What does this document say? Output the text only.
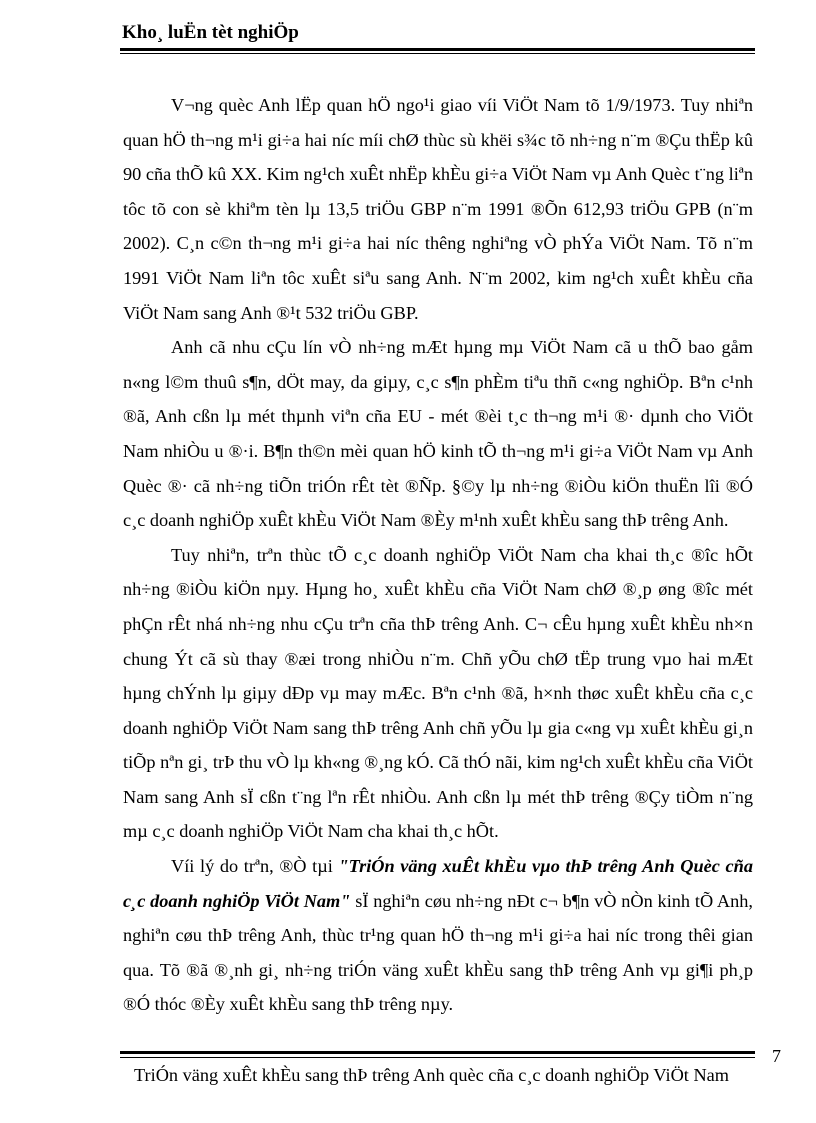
Kho¸ luËn tèt nghiÖp

V¬ng quèc Anh lËp quan hÖ ngo¹i giao víi ViÖt Nam tõ 1/9/1973. Tuy nhiªn quan hÖ th¬ng m¹i gi÷a hai níc míi chØ thùc sù khëi s¾c tõ nh÷ng n¨m ®Çu thËp kû 90 cña thÕ kû XX. Kim ng¹ch xuÊt nhËp khÈu gi÷a ViÖt Nam vµ Anh Quèc t¨ng liªn tôc tõ con sè khiªm tèn lµ 13,5 triÖu GBP n¨m 1991 ®Õn 612,93 triÖu GPB (n¨m 2002). C¸n c©n th¬ng m¹i gi÷a hai níc thêng nghiªng vÒ phÝa ViÖt Nam. Tõ n¨m 1991 ViÖt Nam liªn tôc xuÊt siªu sang Anh. N¨m 2002, kim ng¹ch xuÊt khÈu cña ViÖt Nam sang Anh ®¹t 532 triÖu GBP.

Anh cã nhu cÇu lín vÒ nh÷ng mÆt hµng mµ ViÖt Nam cã u thÕ bao gåm n«ng l©m thuû s¶n, dÖt may, da giµy, c¸c s¶n phÈm tiªu thñ c«ng nghiÖp. Bªn c¹nh ®ã, Anh cßn lµ mét thµnh viªn cña EU - mét ®èi t¸c th¬ng m¹i ®· dµnh cho ViÖt Nam nhiÒu u ®·i. B¶n th©n mèi quan hÖ kinh tÕ th¬ng m¹i gi÷a ViÖt Nam vµ Anh Quèc ®· cã nh÷ng tiÕn triÓn rÊt tèt ®Ñp. §©y lµ nh÷ng ®iÒu kiÖn thuËn lîi ®Ó c¸c doanh nghiÖp xuÊt khÈu ViÖt Nam ®Èy m¹nh xuÊt khÈu sang thÞ trêng Anh.

Tuy nhiªn, trªn thùc tÕ c¸c doanh nghiÖp ViÖt Nam cha khai th¸c ®îc hÕt nh÷ng ®iÒu kiÖn nµy. Hµng ho¸ xuÊt khÈu cña ViÖt Nam chØ ®¸p øng ®îc mét phÇn rÊt nhá nh÷ng nhu cÇu trªn cña thÞ trêng Anh. C¬ cÊu hµng xuÊt khÈu nh×n chung Ýt cã sù thay ®æi trong nhiÒu n¨m. Chñ yÕu chØ tËp trung vµo hai mÆt hµng chÝnh lµ giµy dÐp vµ may mÆc. Bªn c¹nh ®ã, h×nh thøc xuÊt khÈu cña c¸c doanh nghiÖp ViÖt Nam sang thÞ trêng Anh chñ yÕu lµ gia c«ng vµ xuÊt khÈu gi¸n tiÕp nªn gi¸ trÞ thu vÒ lµ kh«ng ®¸ng kÓ. Cã thÓ nãi, kim ng¹ch xuÊt khÈu cña ViÖt Nam sang Anh sÏ cßn t¨ng lªn rÊt nhiÒu. Anh cßn lµ mét thÞ trêng ®Çy tiÒm n¨ng mµ c¸c doanh nghiÖp ViÖt Nam cha khai th¸c hÕt.

Víi lý do trªn, ®Ò tµi "TriÓn väng xuÊt khÈu vµo thÞ trêng Anh Quèc cña c¸c doanh nghiÖp ViÖt Nam" sÏ nghiªn cøu nh÷ng nÐt c¬ b¶n vÒ nÒn kinh tÕ Anh, nghiªn cøu thÞ trêng Anh, thùc tr¹ng quan hÖ th¬ng m¹i gi÷a hai níc trong thêi gian qua. Tõ ®ã ®¸nh gi¸ nh÷ng triÓn väng xuÊt khÈu sang thÞ trêng Anh vµ gi¶i ph¸p ®Ó thóc ®Èy xuÊt khÈu sang thÞ trêng nµy.

7
TriÓn väng xuÊt khÈu sang thÞ trêng Anh quèc cña c¸c doanh nghiÖp ViÖt Nam
